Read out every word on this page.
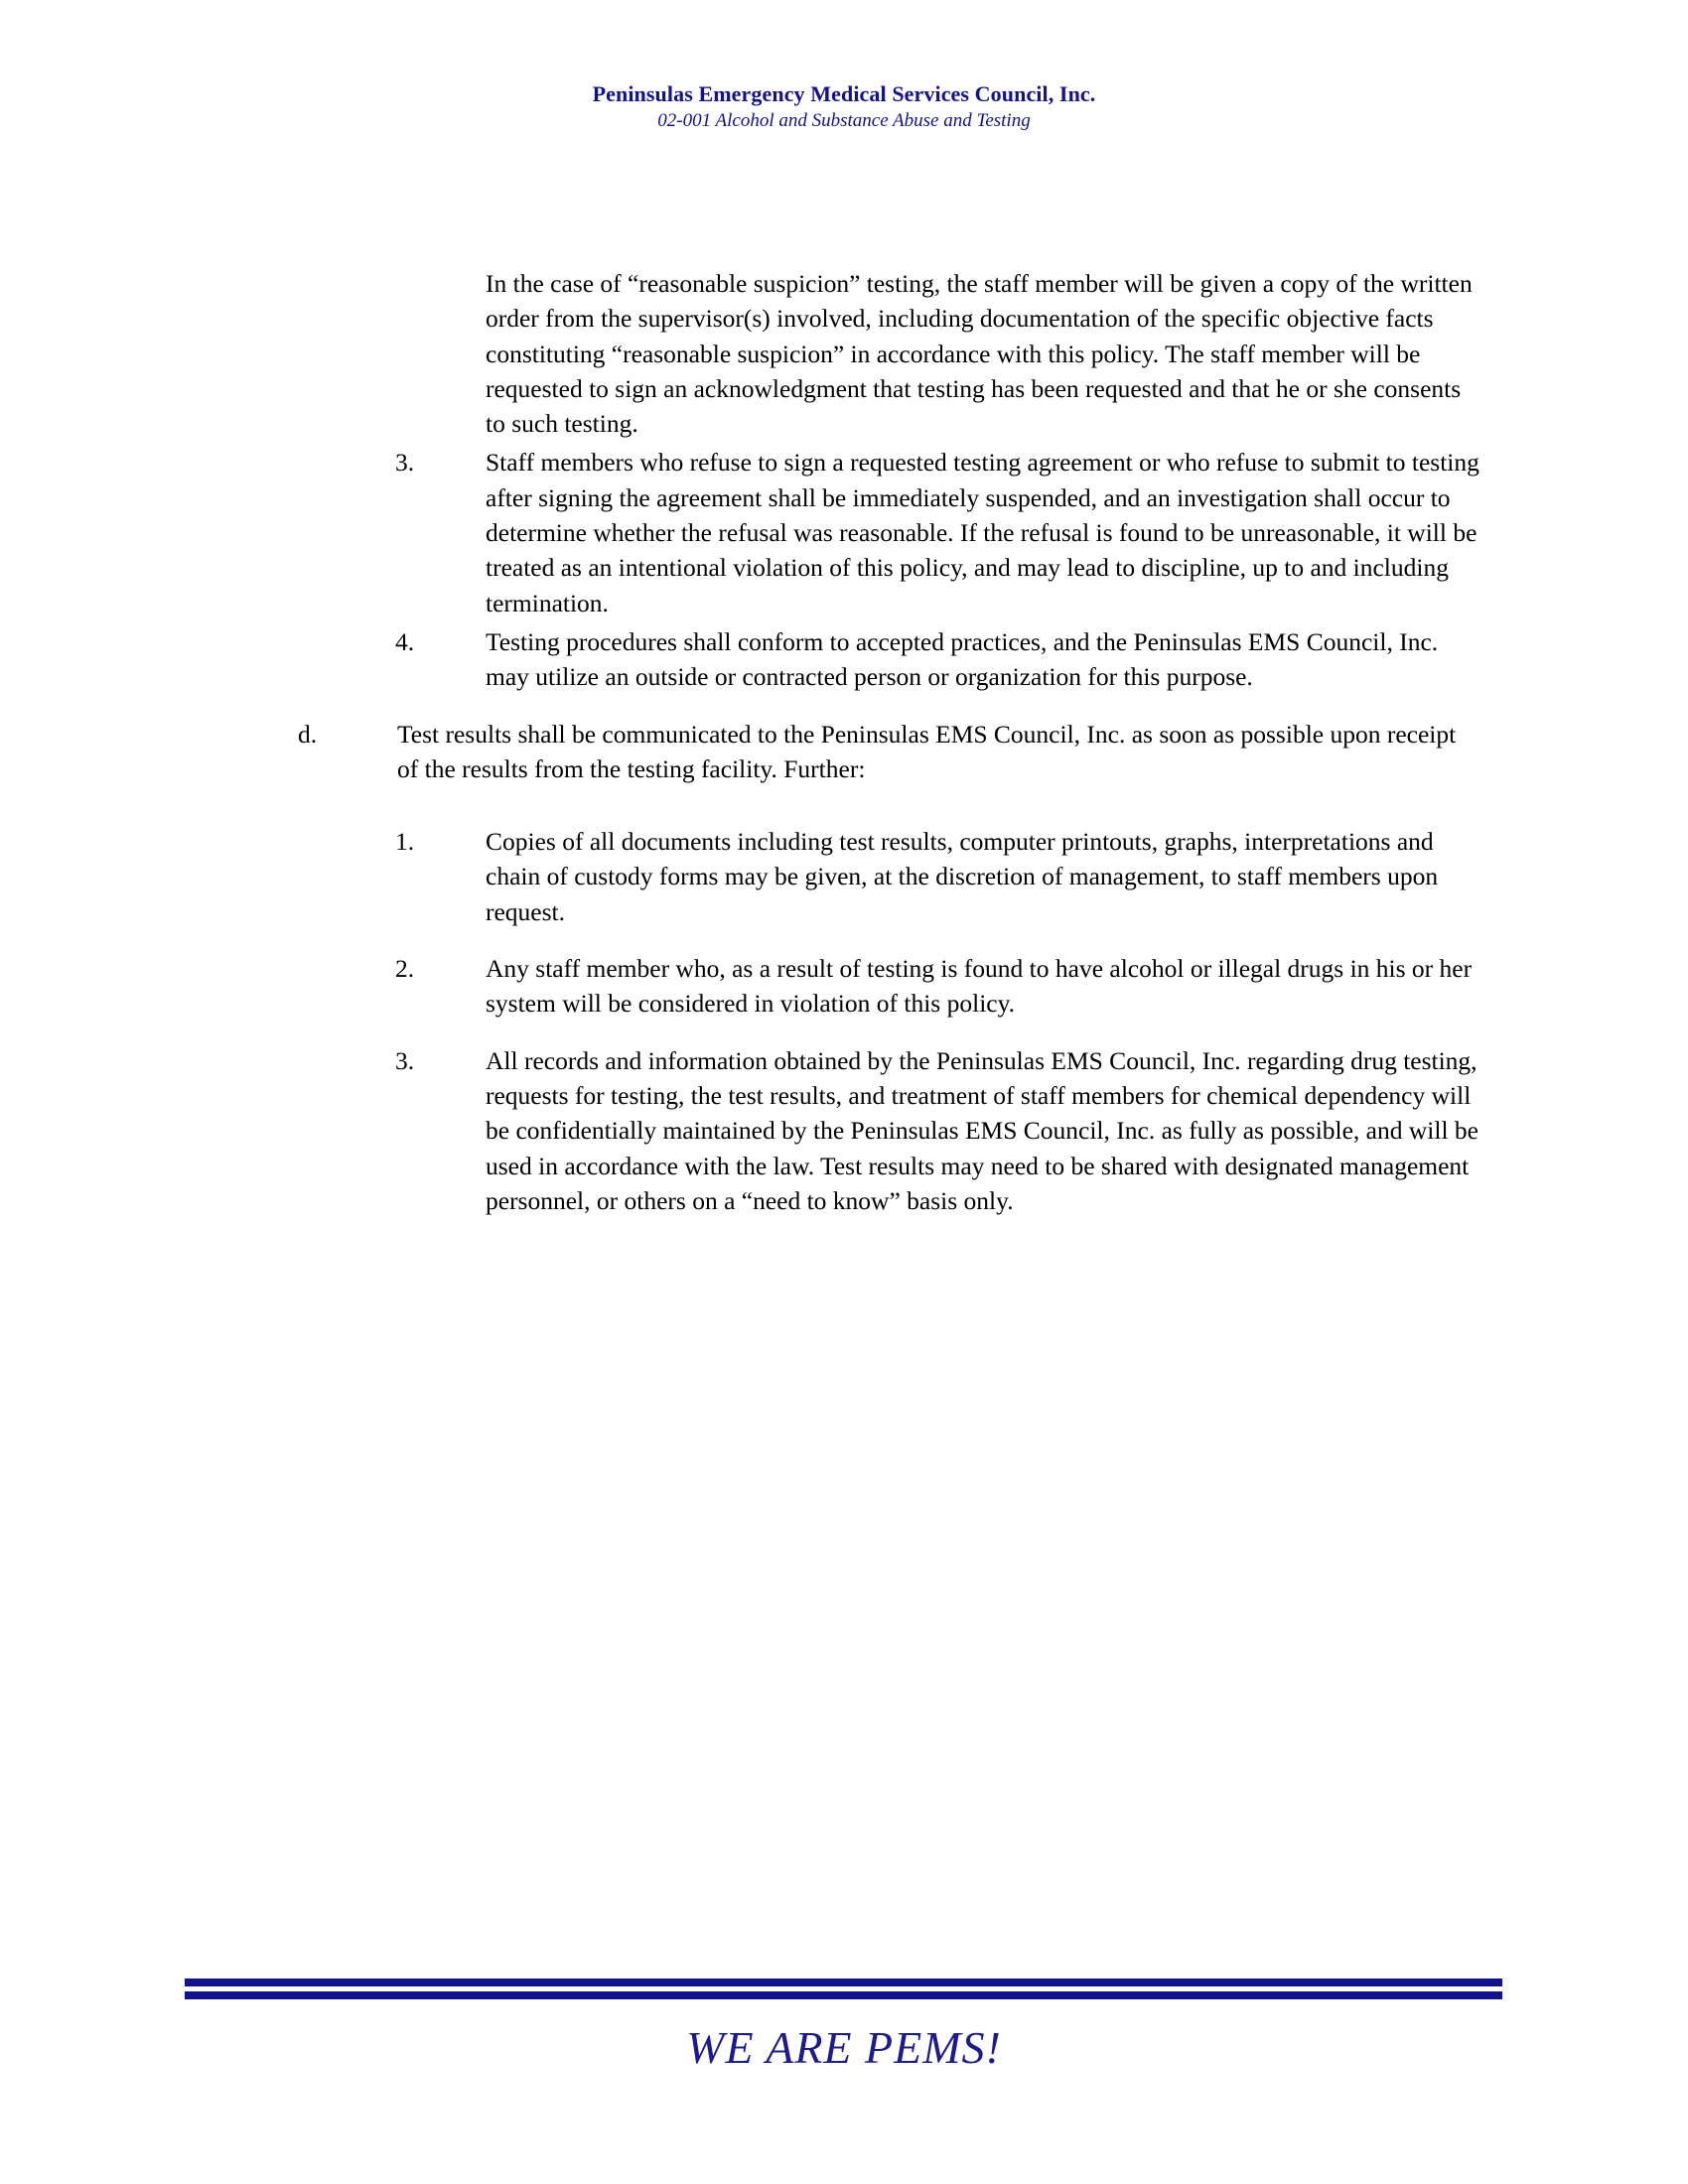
Peninsulas Emergency Medical Services Council, Inc.
02-001 Alcohol and Substance Abuse and Testing
In the case of “reasonable suspicion” testing, the staff member will be given a copy of the written order from the supervisor(s) involved, including documentation of the specific objective facts constituting “reasonable suspicion” in accordance with this policy. The staff member will be requested to sign an acknowledgment that testing has been requested and that he or she consents to such testing.
3.	Staff members who refuse to sign a requested testing agreement or who refuse to submit to testing after signing the agreement shall be immediately suspended, and an investigation shall occur to determine whether the refusal was reasonable. If the refusal is found to be unreasonable, it will be treated as an intentional violation of this policy, and may lead to discipline, up to and including termination.
4.	Testing procedures shall conform to accepted practices, and the Peninsulas EMS Council, Inc. may utilize an outside or contracted person or organization for this purpose.
d.	Test results shall be communicated to the Peninsulas EMS Council, Inc. as soon as possible upon receipt of the results from the testing facility. Further:
1.	Copies of all documents including test results, computer printouts, graphs, interpretations and chain of custody forms may be given, at the discretion of management, to staff members upon request.
2.	Any staff member who, as a result of testing is found to have alcohol or illegal drugs in his or her system will be considered in violation of this policy.
3.	All records and information obtained by the Peninsulas EMS Council, Inc. regarding drug testing, requests for testing, the test results, and treatment of staff members for chemical dependency will be confidentially maintained by the Peninsulas EMS Council, Inc. as fully as possible, and will be used in accordance with the law. Test results may need to be shared with designated management personnel, or others on a “need to know” basis only.
WE ARE PEMS!
